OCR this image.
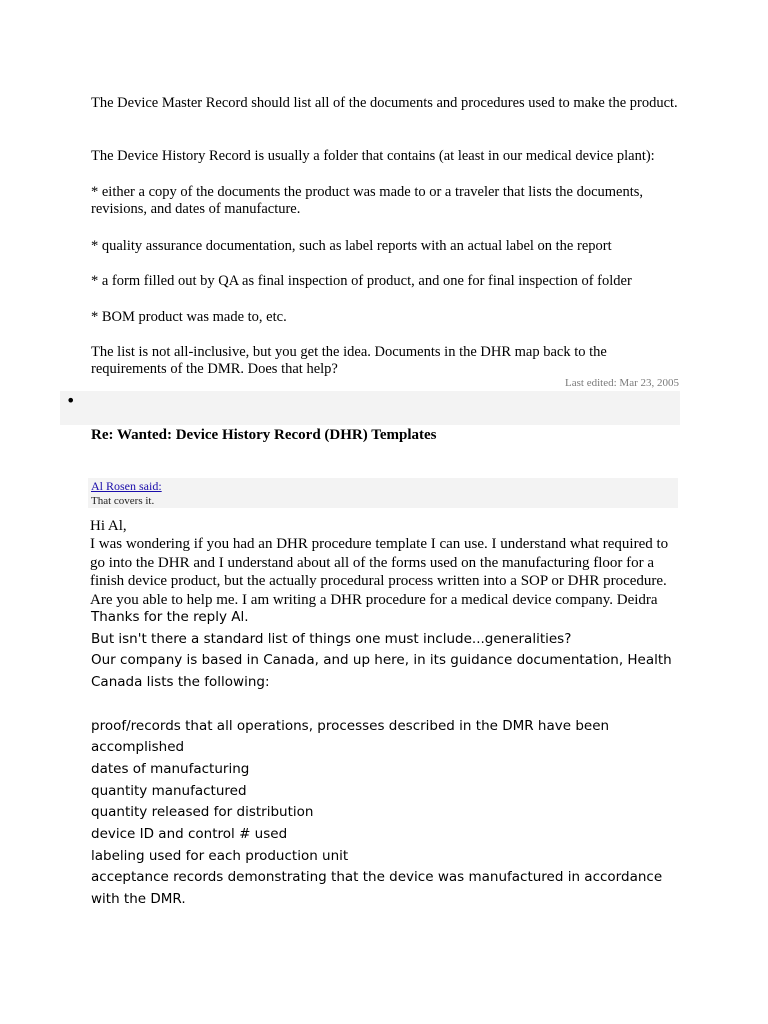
The Device Master Record should list all of the documents and procedures used to make the product.
The Device History Record is usually a folder that contains (at least in our medical device plant):
* either a copy of the documents the product was made to or a traveler that lists the documents, revisions, and dates of manufacture.
* quality assurance documentation, such as label reports with an actual label on the report
* a form filled out by QA as final inspection of product, and one for final inspection of folder
* BOM product was made to, etc.
The list is not all-inclusive, but you get the idea. Documents in the DHR map back to the requirements of the DMR. Does that help?
Last edited: Mar 23, 2005
•
Re: Wanted: Device History Record (DHR) Templates
Al Rosen said:
That covers it.

Hi Al,

I was wondering if you had an DHR procedure template I can use. I understand what required to go into the DHR and I understand about all of the forms used on the manufacturing floor for a finish device product, but the actually procedural process written into a SOP or DHR procedure. Are you able to help me. I am writing a DHR procedure for a medical device company. Deidra

Thanks for the reply Al.
But isn't there a standard list of things one must include...generalities?
Our company is based in Canada, and up here, in its guidance documentation, Health Canada lists the following:
proof/records that all operations, processes described in the DMR have been accomplished
dates of manufacturing
quantity manufactured
quantity released for distribution
device ID and control # used
labeling used for each production unit
acceptance records demonstrating that the device was manufactured in accordance with the DMR.
